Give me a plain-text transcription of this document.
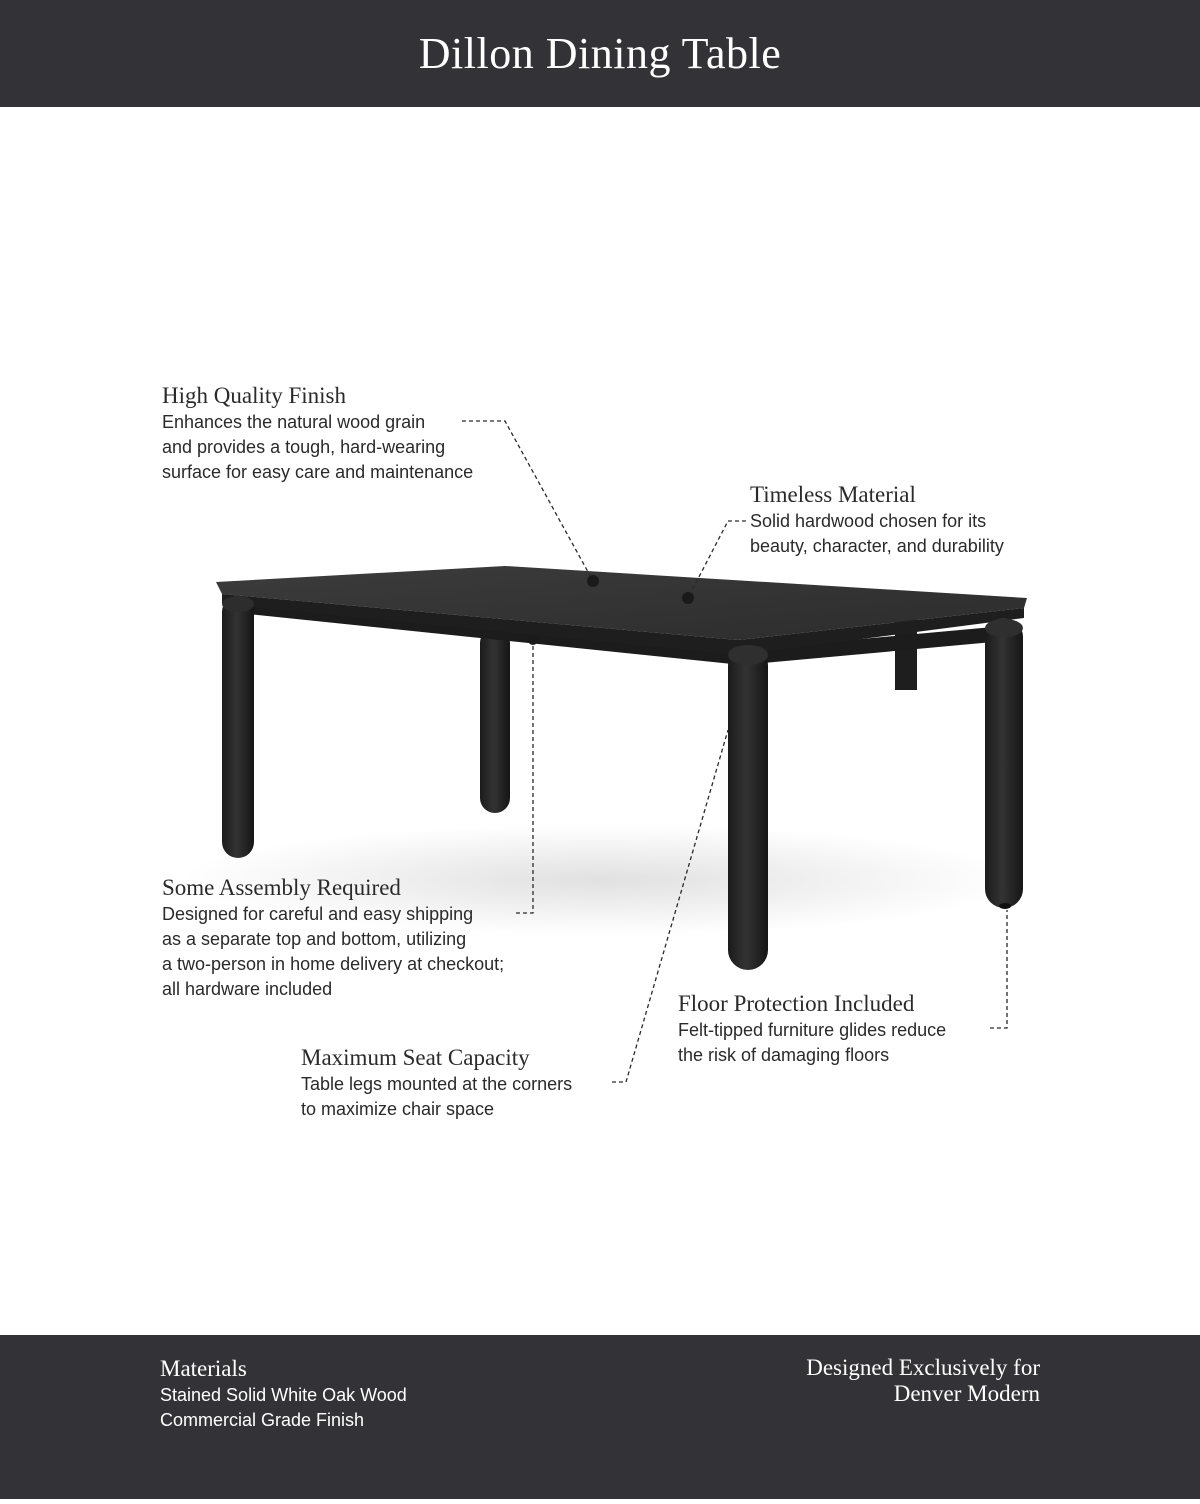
Dillon Dining Table
High Quality Finish
Enhances the natural wood grain
and provides a tough, hard-wearing
surface for easy care and maintenance
Timeless Material
Solid hardwood chosen for its
beauty, character, and durability
Some Assembly Required
Designed for careful and easy shipping
as a separate top and bottom, utilizing
a two-person in home delivery at checkout;
all hardware included
Maximum Seat Capacity
Table legs mounted at the corners
to maximize chair space
Floor Protection Included
Felt-tipped furniture glides reduce
the risk of damaging floors
Materials
Stained Solid White Oak Wood
Commercial Grade Finish
Designed Exclusively for
Denver Modern
